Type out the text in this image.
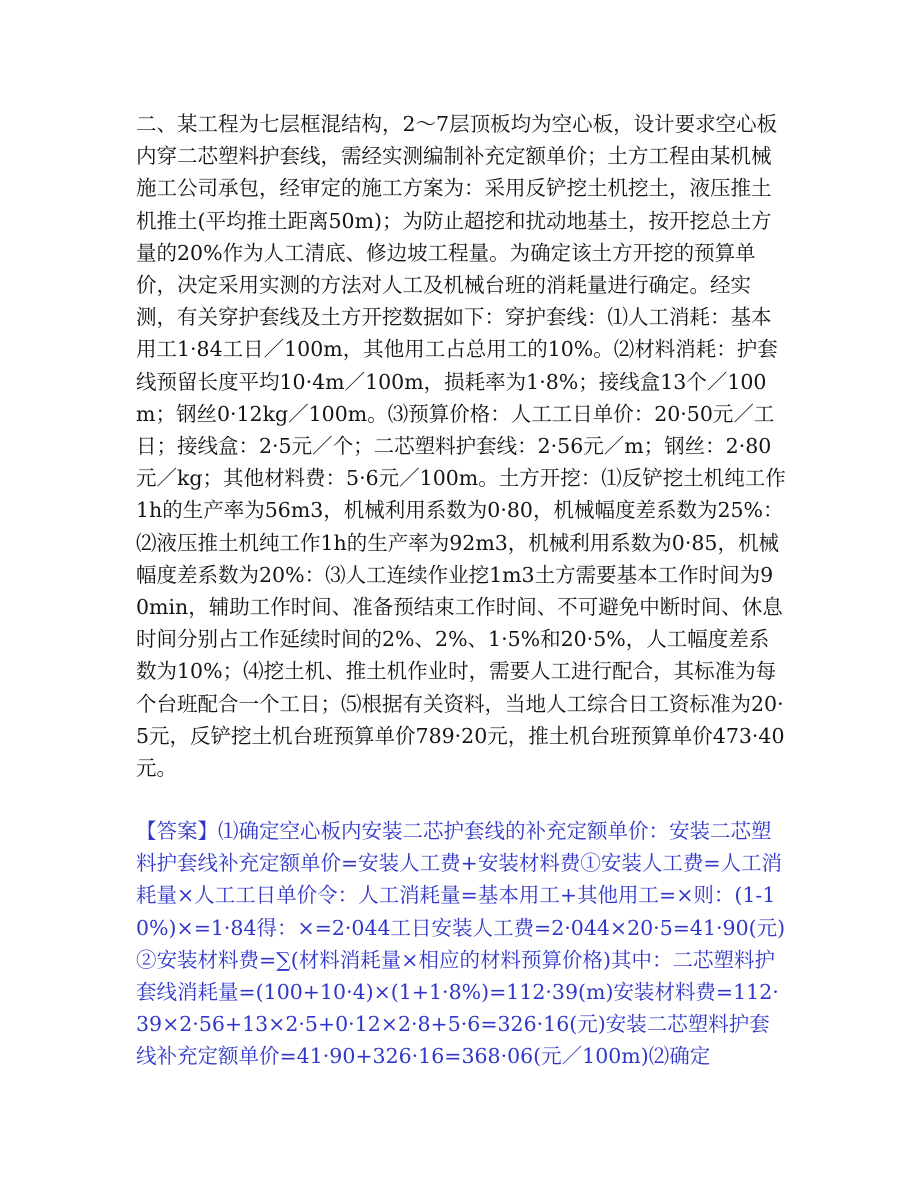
二、某工程为七层框混结构，2～7层顶板均为空心板，设计要求空心板内穿二芯塑料护套线，需经实测编制补充定额单价；土方工程由某机械施工公司承包，经审定的施工方案为：采用反铲挖土机挖土，液压推土机推土(平均推土距离50m)；为防止超挖和扰动地基土，按开挖总土方量的20%作为人工清底、修边坡工程量。为确定该土方开挖的预算单价，决定采用实测的方法对人工及机械台班的消耗量进行确定。经实测，有关穿护套线及土方开挖数据如下：穿护套线：⑴人工消耗：基本用工1·84工日／100m，其他用工占总用工的10%。⑵材料消耗：护套线预留长度平均10·4m／100m，损耗率为1·8%；接线盒13个／100m；钢丝0·12kg／100m。⑶预算价格：人工工日单价：20·50元／工日；接线盒：2·5元／个；二芯塑料护套线：2·56元／m；钢丝：2·80元／kg；其他材料费：5·6元／100m。土方开挖：⑴反铲挖土机纯工作1h的生产率为56m3，机械利用系数为0·80，机械幅度差系数为25%：⑵液压推土机纯工作1h的生产率为92m3，机械利用系数为0·85，机械幅度差系数为20%：⑶人工连续作业挖1m3土方需要基本工作时间为90min，辅助工作时间、准备预结束工作时间、不可避免中断时间、休息时间分别占工作延续时间的2%、2%、1·5%和20·5%，人工幅度差系数为10%；⑷挖土机、推土机作业时，需要人工进行配合，其标准为每个台班配合一个工日；⑸根据有关资料，当地人工综合日工资标准为20·5元，反铲挖土机台班预算单价789·20元，推土机台班预算单价473·40元。

【答案】⑴确定空心板内安装二芯护套线的补充定额单价：安装二芯塑料护套线补充定额单价=安装人工费+安装材料费①安装人工费=人工消耗量×人工工日单价令：人工消耗量=基本用工+其他用工=×则：(1-10%)×=1·84得：×=2·044工日安装人工费=2·044×20·5=41·90(元)②安装材料费=∑(材料消耗量×相应的材料预算价格)其中：二芯塑料护套线消耗量=(100+10·4)×(1+1·8%)=112·39(m)安装材料费=112·39×2·56+13×2·5+0·12×2·8+5·6=326·16(元)安装二芯塑料护套线补充定额单价=41·90+326·16=368·06(元／100m)⑵确定
